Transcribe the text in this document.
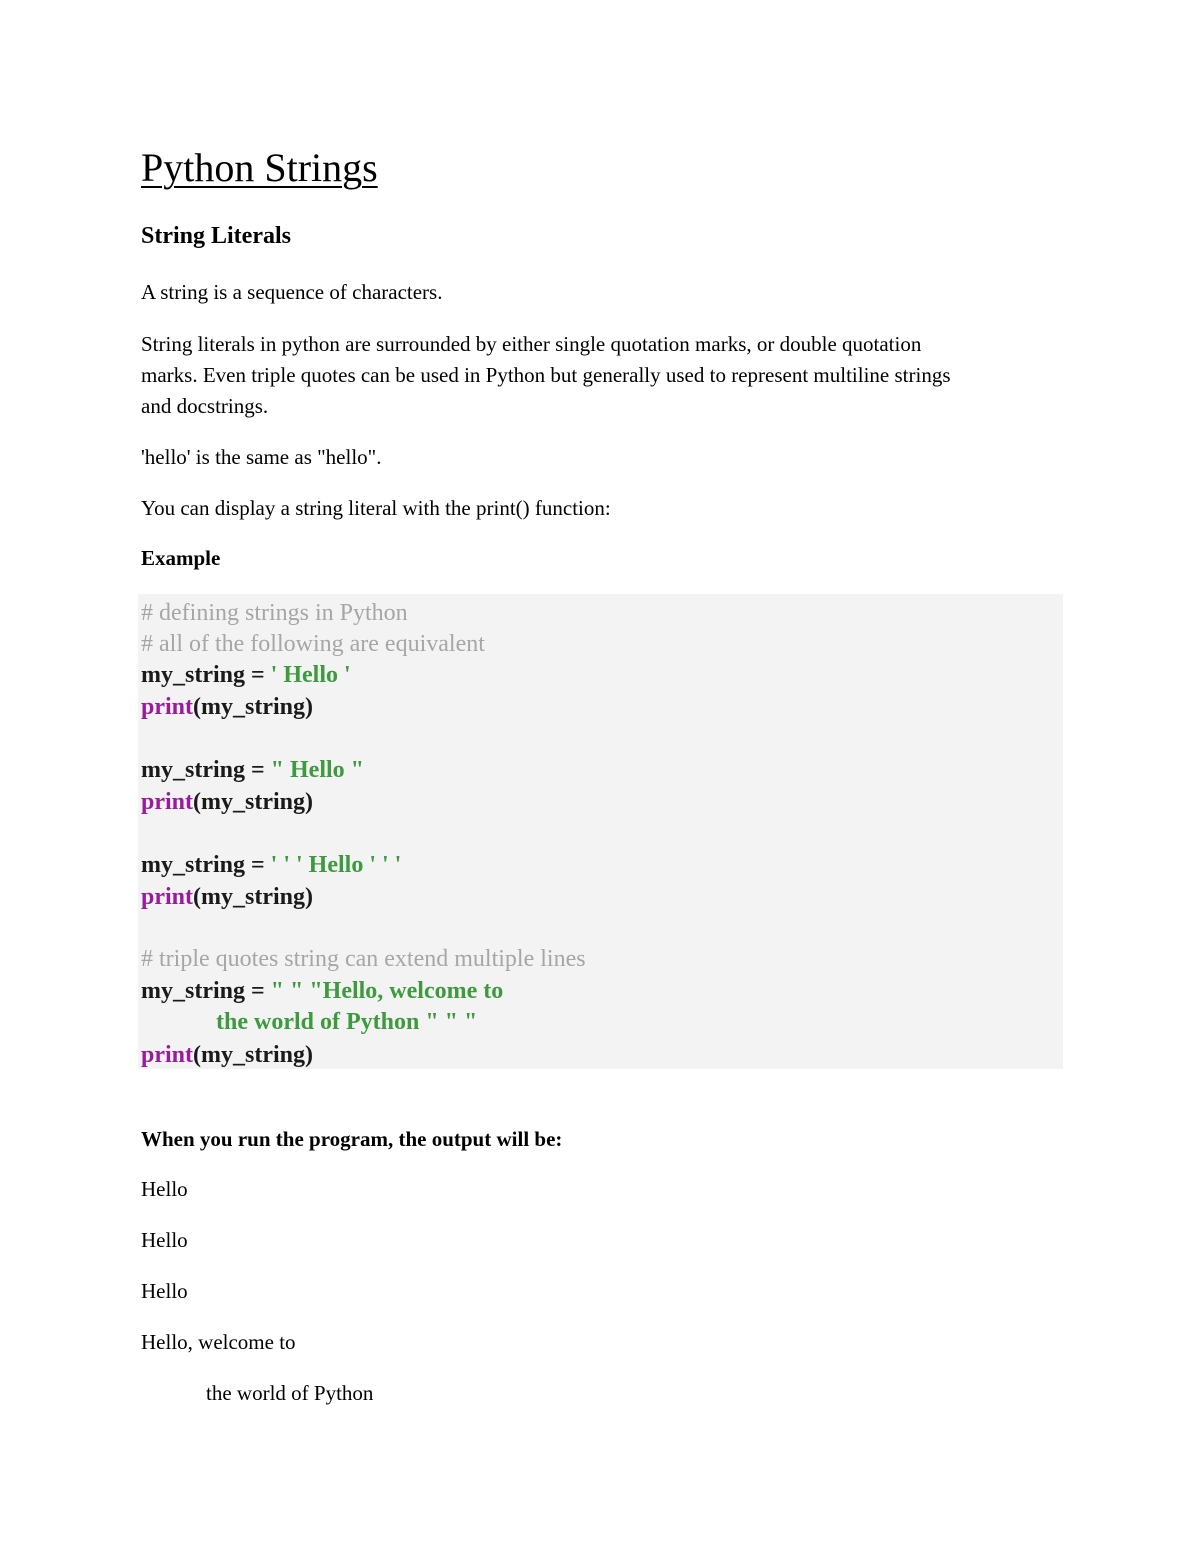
Python Strings
String Literals
A string is a sequence of characters.
String literals in python are surrounded by either single quotation marks, or double quotation
marks. Even triple quotes can be used in Python but generally used to represent multiline strings
and docstrings.
'hello' is the same as "hello".
You can display a string literal with the print() function:
Example
# defining strings in Python
# all of the following are equivalent
my_string = ' Hello '
print(my_string)
my_string = " Hello "
print(my_string)
my_string = ' ' ' Hello ' ' '
print(my_string)
# triple quotes string can extend multiple lines
my_string = " " "Hello, welcome to
the world of Python " " "
print(my_string)
When you run the program, the output will be:
Hello
Hello
Hello
Hello, welcome to
the world of Python
